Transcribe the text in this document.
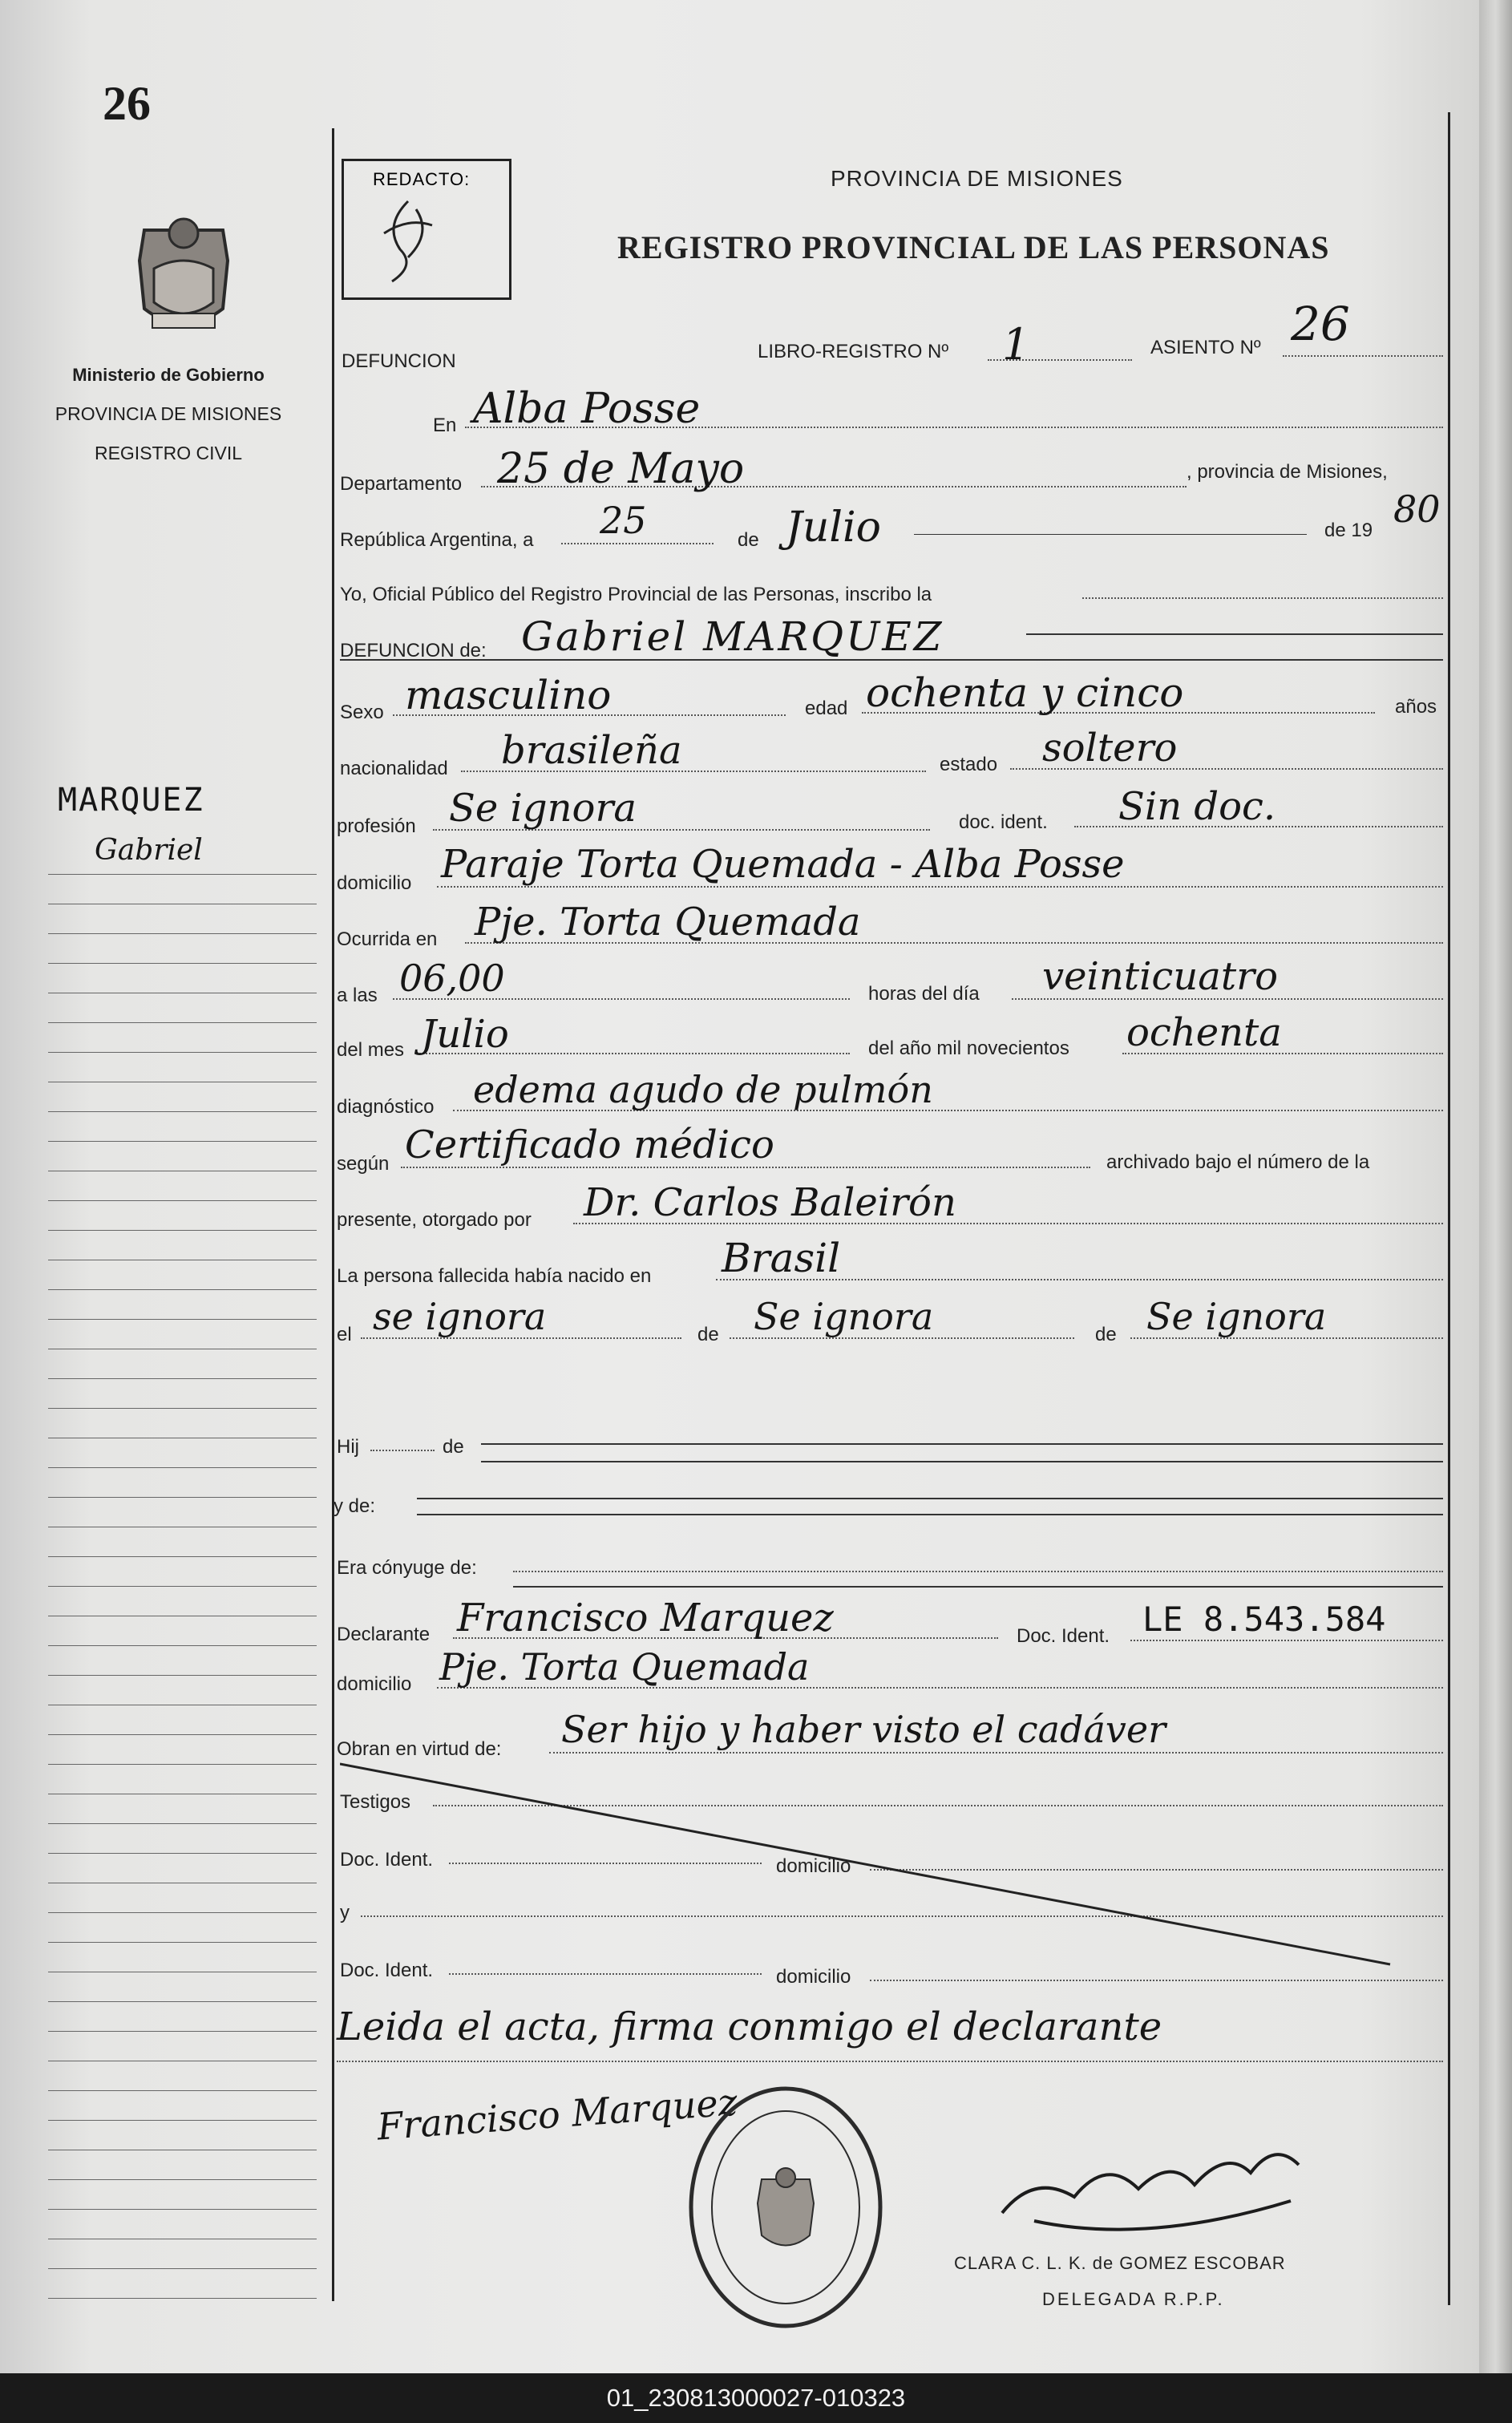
26
Ministerio de Gobierno
PROVINCIA DE MISIONES
REGISTRO CIVIL
MARQUEZ
Gabriel
REDACTO:	PROVINCIA DE MISIONES
REGISTRO PROVINCIAL DE LAS PERSONAS
DEFUNCION	LIBRO-REGISTRO Nº 1	ASIENTO Nº 26
En Alba Posse
Departamento 25 de Mayo	, provincia de Misiones,
República Argentina, a 25	de Julio	de 19 80
Yo, Oficial Público del Registro Provincial de las Personas, inscribo la
DEFUNCION de: Gabriel MARQUEZ
Sexo masculino	edad ochenta y cinco	años
nacionalidad brasileña	estado soltero
profesión Se ignora	doc. ident. Sin doc.
domicilio Paraje Torta Quemada - Alba Posse
Ocurrida en Pje. Torta Quemada
a las 06,00	horas del día veinticuatro
del mes Julio	del año mil novecientos ochenta
diagnóstico edema agudo de pulmón
según Certificado médico	archivado bajo el número de la
presente, otorgado por Dr. Carlos Baleirón
La persona fallecida había nacido en Brasil
el se ignora	de Se ignora	de Se ignora
Hij	de
y de:
Era cónyuge de:
Declarante Francisco Marquez	Doc. Ident. LE 8.543.584
domicilio Pje. Torta Quemada
Obran en virtud de: Ser hijo y haber visto el cadáver
Testigos
Doc. Ident.	domicilio
y
Doc. Ident.	domicilio
Leida el acta, firma conmigo el declarante
Francisco Marquez
CLARA C. L. K. de GOMEZ ESCOBAR
DELEGADA R.P.P.
01_230813000027-010323
